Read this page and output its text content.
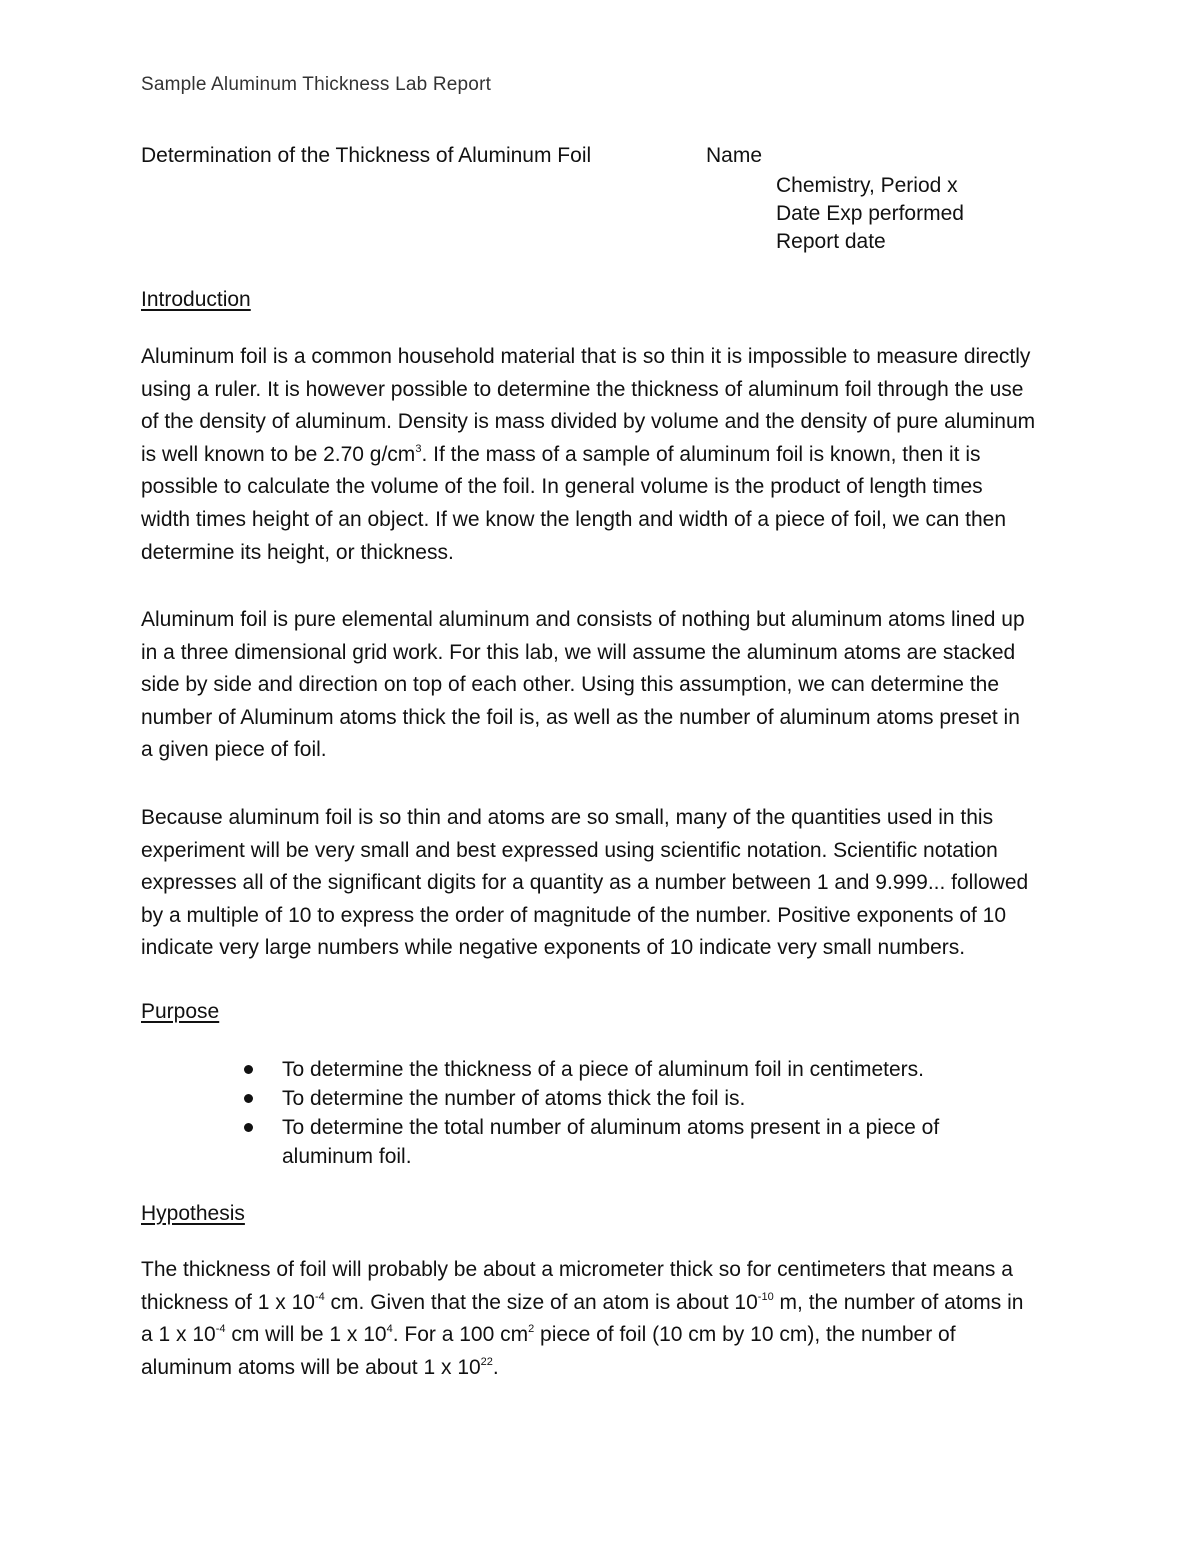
Sample Aluminum Thickness Lab Report
Determination of the Thickness of Aluminum Foil	Name
Chemistry, Period x
Date Exp performed
Report date
Introduction

Aluminum foil is a common household material that is so thin it is impossible to measure directly
using a ruler. It is however possible to determine the thickness of aluminum foil through the use
of the density of aluminum. Density is mass divided by volume and the density of pure aluminum
is well known to be 2.70 $g/cm^3$. If the mass of a sample of aluminum foil is known, then it is
possible to calculate the volume of the foil. In general volume is the product of length times
width times height of an object. If we know the length and width of a piece of foil, we can then
determine its height, or thickness.

Aluminum foil is pure elemental aluminum and consists of nothing but aluminum atoms lined up
in a three dimensional grid work. For this lab, we will assume the aluminum atoms are stacked
side by side and direction on top of each other. Using this assumption, we can determine the
number of Aluminum atoms thick the foil is, as well as the number of aluminum atoms preset in
a given piece of foil.

Because aluminum foil is so thin and atoms are so small, many of the quantities used in this
experiment will be very small and best expressed using scientific notation. Scientific notation
expresses all of the significant digits for a quantity as a number between 1 and 9.999... followed
by a multiple of 10 to express the order of magnitude of the number. Positive exponents of 10
indicate very large numbers while negative exponents of 10 indicate very small numbers.

Purpose
To determine the thickness of a piece of aluminum foil in centimeters.
To determine the number of atoms thick the foil is.
To determine the total number of aluminum atoms present in a piece of
aluminum foil.
Hypothesis

The thickness of foil will probably be about a micrometer thick so for centimeters that means a
thickness of 1 x $10^{-4}$ cm. Given that the size of an atom is about $10^{-10}$ m, the number of atoms in
a 1 x $10^{-4}$ cm will be 1 x $10^4$. For a 100 $cm^2$ piece of foil (10 cm by 10 cm), the number of
aluminum atoms will be about 1 x $10^{22}$.
